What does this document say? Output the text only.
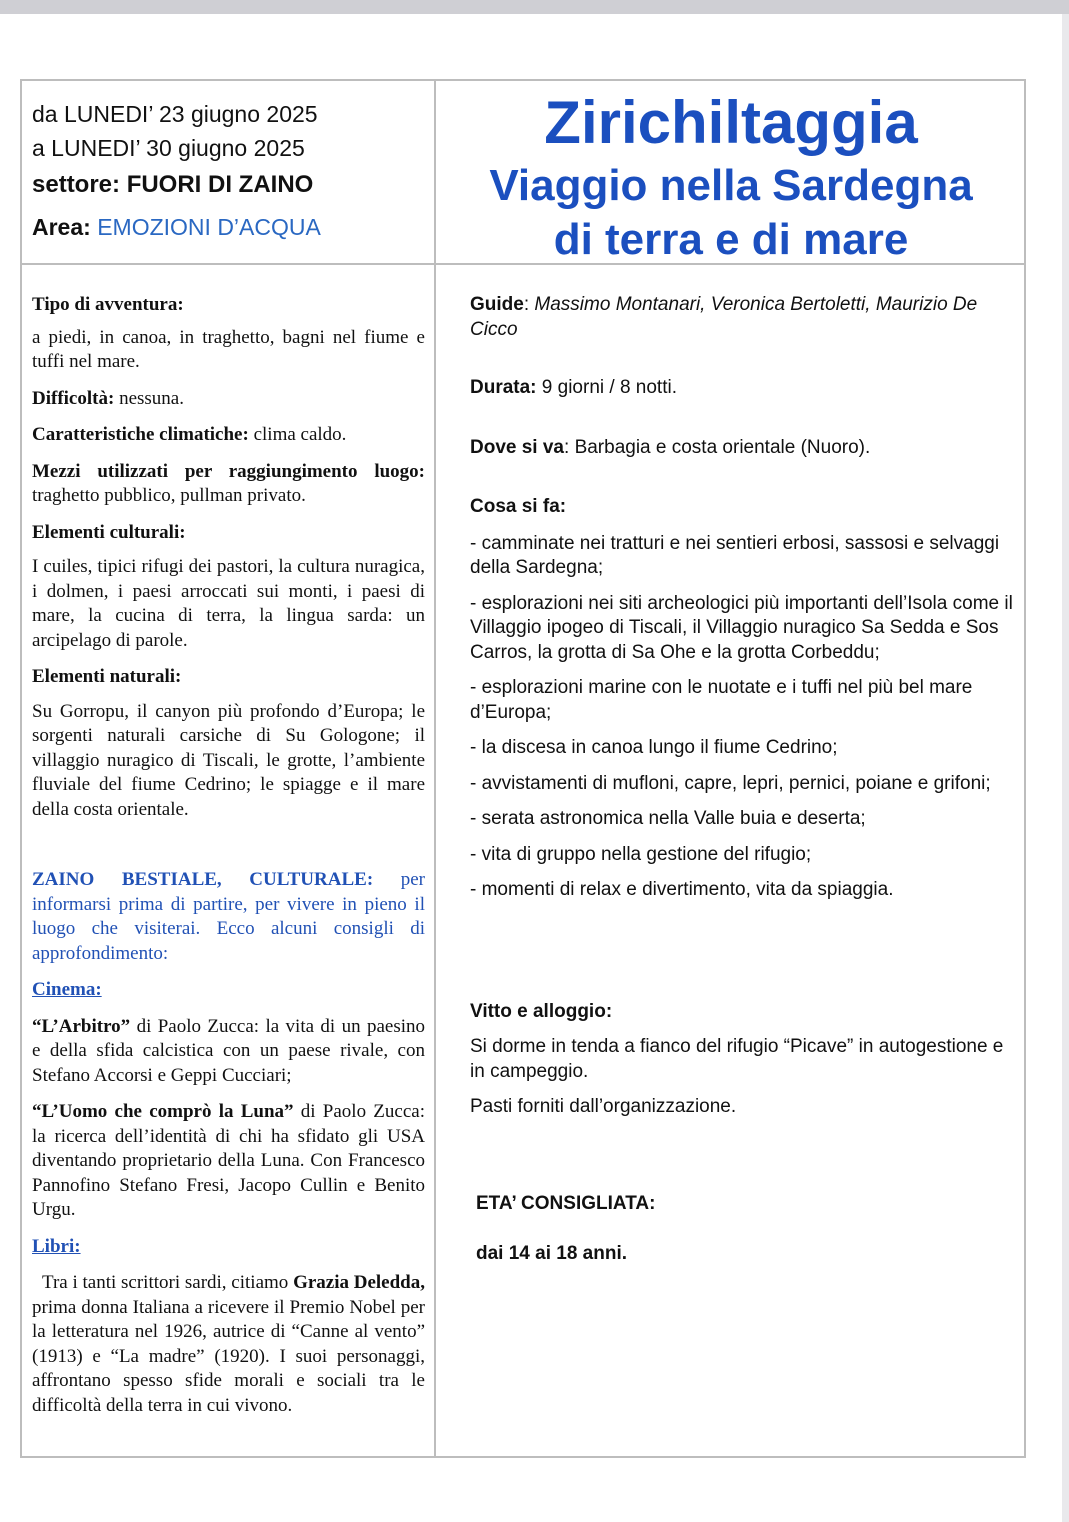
da LUNEDI’ 23 giugno 2025
a LUNEDI’ 30 giugno 2025
settore: FUORI DI ZAINO
Area: EMOZIONI D’ACQUA
Zirichiltaggia
Viaggio nella Sardegna
di terra e di mare

Tipo di avventura:

a piedi, in canoa, in traghetto, bagni nel fiume e tuffi nel mare.

Difficoltà: nessuna.

Caratteristiche climatiche: clima caldo.

Mezzi utilizzati per raggiungimento luogo: traghetto pubblico, pullman privato.

Elementi culturali:

I cuiles, tipici rifugi dei pastori, la cultura nuragica, i dolmen, i paesi arroccati sui monti, i paesi di mare, la cucina di terra, la lingua sarda: un arcipelago di parole.

Elementi naturali:

Su Gorropu, il canyon più profondo d’Europa; le sorgenti naturali carsiche di Su Gologone; il villaggio nuragico di Tiscali, le grotte, l’ambiente fluviale del fiume Cedrino; le spiagge e il mare della costa orientale.

ZAINO BESTIALE, CULTURALE: per informarsi prima di partire, per vivere in pieno il luogo che visiterai. Ecco alcuni consigli di approfondimento:

Cinema:

“L’Arbitro” di Paolo Zucca: la vita di un paesino e della sfida calcistica con un paese rivale, con Stefano Accorsi e Geppi Cucciari;

“L’Uomo che comprò la Luna” di Paolo Zucca: la ricerca dell’identità di chi ha sfidato gli USA diventando proprietario della Luna. Con Francesco Pannofino Stefano Fresi, Jacopo Cullin e Benito Urgu.

Libri:

Tra i tanti scrittori sardi, citiamo Grazia Deledda, prima donna Italiana a ricevere il Premio Nobel per la letteratura nel 1926, autrice di “Canne al vento” (1913) e “La madre” (1920). I suoi personaggi, affrontano spesso sfide morali e sociali tra le difficoltà della terra in cui vivono.

Guide: Massimo Montanari, Veronica Bertoletti, Maurizio De Cicco
Durata: 9 giorni / 8 notti.
Dove si va: Barbagia e costa orientale (Nuoro).
Cosa si fa:
- camminate nei tratturi e nei sentieri erbosi, sassosi e selvaggi della Sardegna;
- esplorazioni nei siti archeologici più importanti dell’Isola come il Villaggio ipogeo di Tiscali, il Villaggio nuragico Sa Sedda e Sos Carros, la grotta di Sa Ohe e la grotta Corbeddu;
- esplorazioni marine con le nuotate e i tuffi nel più bel mare d’Europa;
- la discesa in canoa lungo il fiume Cedrino;
- avvistamenti di mufloni, capre, lepri, pernici, poiane e grifoni;
- serata astronomica nella Valle buia e deserta;
- vita di gruppo nella gestione del rifugio;
- momenti di relax e divertimento, vita da spiaggia.
Vitto e alloggio:
Si dorme in tenda a fianco del rifugio “Picave” in autogestione e in campeggio.
Pasti forniti dall’organizzazione.
ETA’ CONSIGLIATA:
dai 14 ai 18 anni.
